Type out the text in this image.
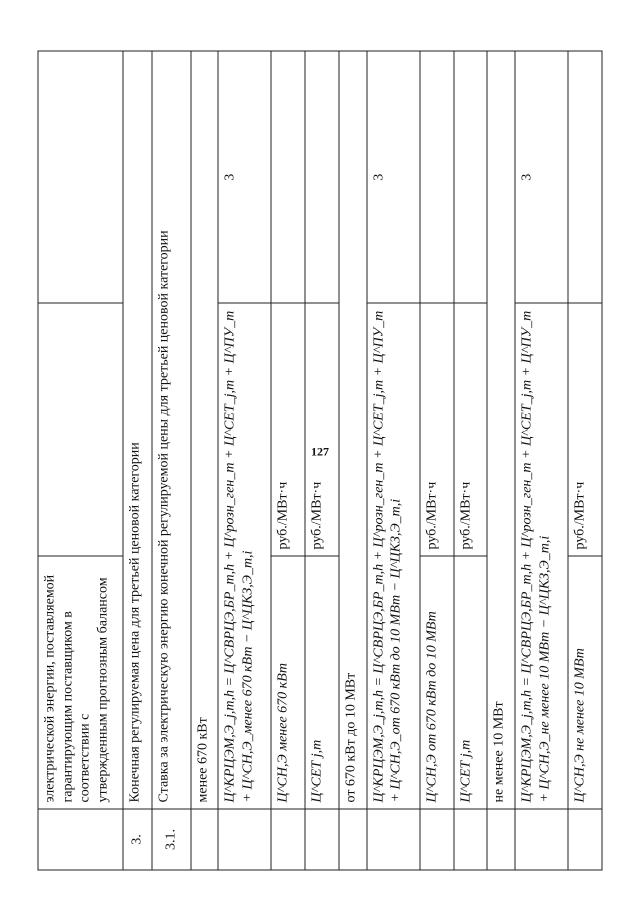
127

	электрической энергии, поставляемой гарантирующим поставщиком в соответствии с утвержденным прогнозным балансом		

3.	Конечная регулируемая цена для третьей ценовой категории		
3.1.	Ставка за электрическую энергию конечной регулируемой цены для третьей ценовой категории		
	менее 670 кВт		
	Ц^КРЦЭМ,Э_j,m,h = Ц^СВРЦЭ,БР_m,h + Ц^розн_ген_m + Ц^СЕТ_j,m + Ц^ПУ_m + Ц^СН,Э_менее 670 кВт − Ц^ЦКЗ,Э_m,i		3
	Ц^СН,Э менее 670 кВт	руб./МВт·ч	
	Ц^СЕТ j,m	руб./МВт·ч	
	от 670 кВт до 10 МВт		
	Ц^КРЦЭМ,Э_j,m,h = Ц^СВРЦЭ,БР_m,h + Ц^розн_ген_m + Ц^СЕТ_j,m + Ц^ПУ_m + Ц^СН,Э_от 670 кВт до 10 МВт − Ц^ЦКЗ,Э_m,i		3
	Ц^СН,Э от 670 кВт до 10 МВт	руб./МВт·ч	
	Ц^СЕТ j,m	руб./МВт·ч	
	не менее 10 МВт		
	Ц^КРЦЭМ,Э_j,m,h = Ц^СВРЦЭ,БР_m,h + Ц^розн_ген_m + Ц^СЕТ_j,m + Ц^ПУ_m + Ц^СН,Э_не менее 10 МВт − Ц^ЦКЗ,Э_m,i		3
	Ц^СН,Э не менее 10 МВт	руб./МВт·ч	
